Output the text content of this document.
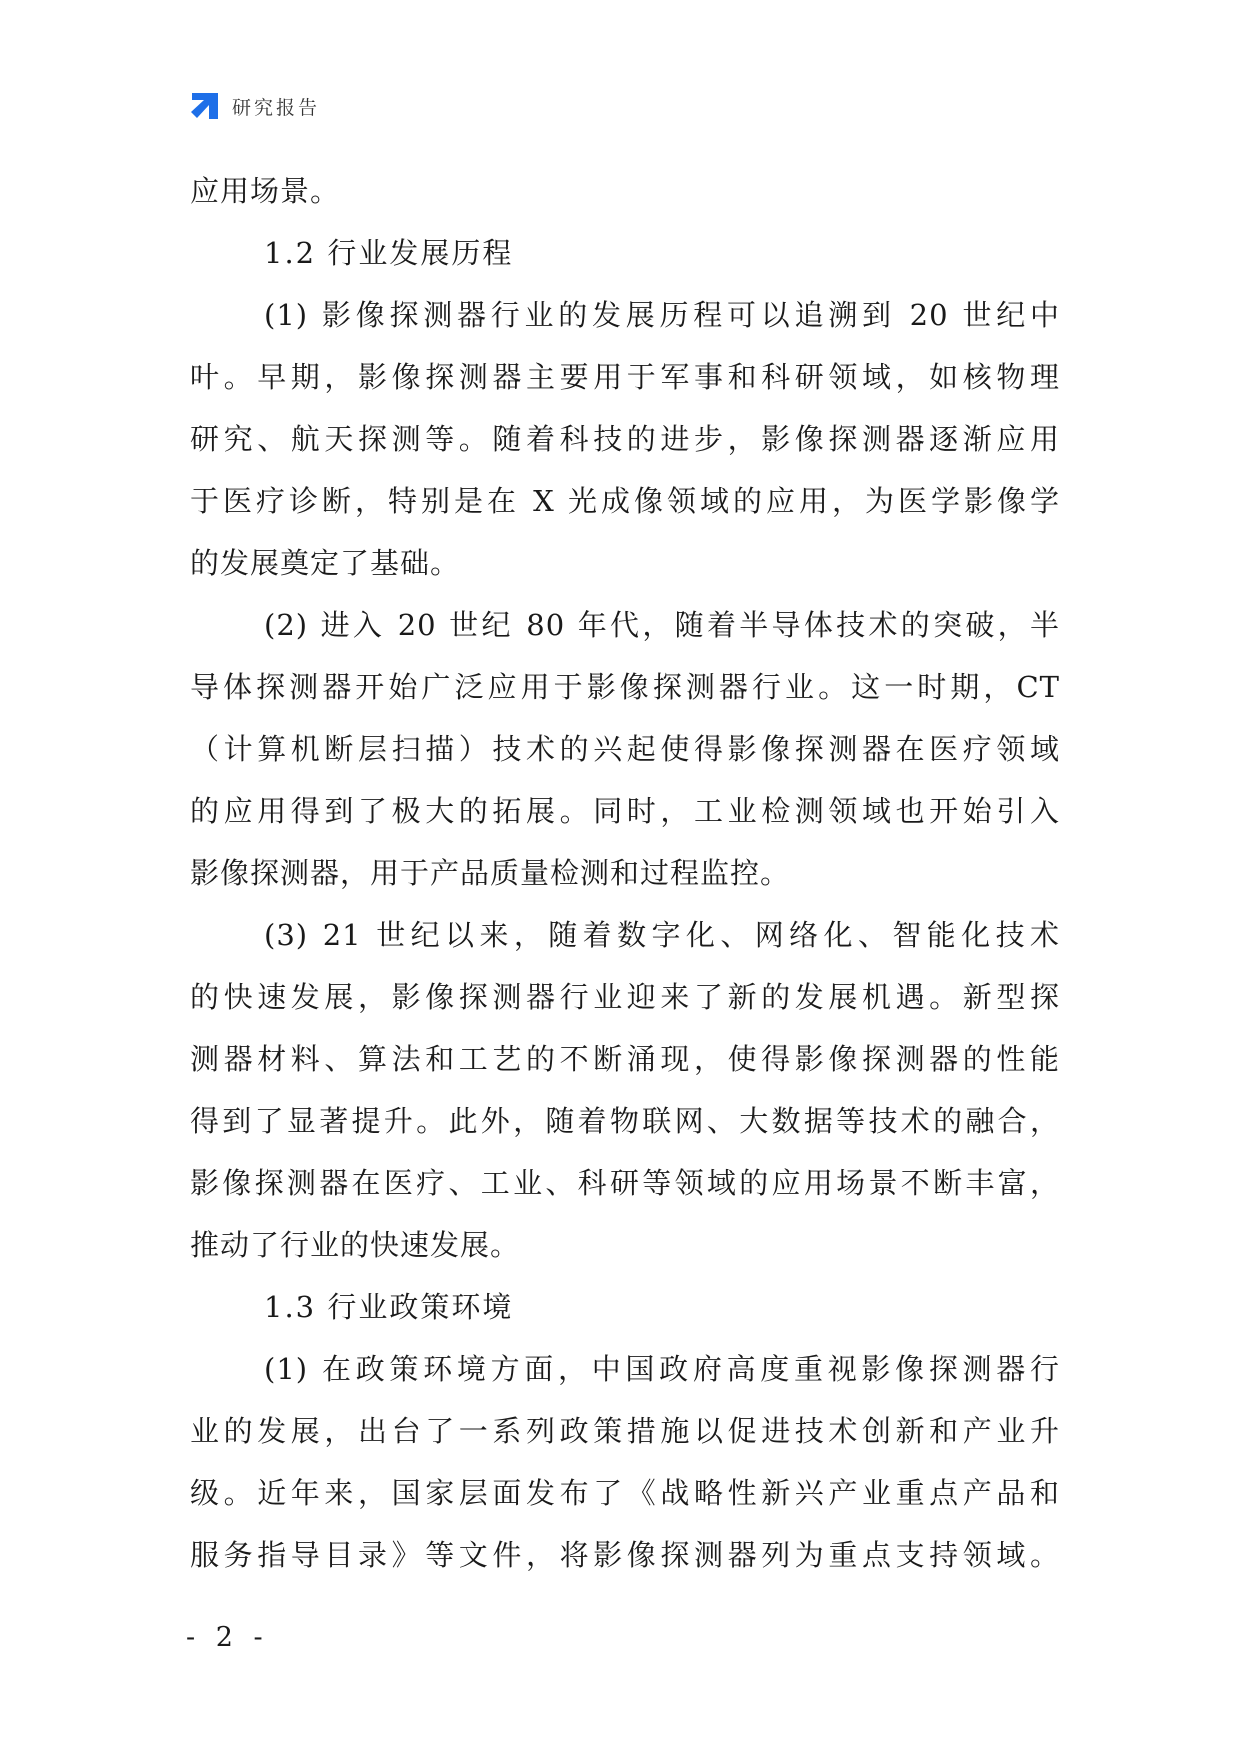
研究报告
应用场景。
1.2 行业发展历程
(1) 影像探测器行业的发展历程可以追溯到 20 世纪中
叶。早期，影像探测器主要用于军事和科研领域，如核物理
研究、航天探测等。随着科技的进步，影像探测器逐渐应用
于医疗诊断，特别是在 X 光成像领域的应用，为医学影像学
的发展奠定了基础。
(2) 进入 20 世纪 80 年代，随着半导体技术的突破，半
导体探测器开始广泛应用于影像探测器行业。这一时期，CT
（计算机断层扫描）技术的兴起使得影像探测器在医疗领域
的应用得到了极大的拓展。同时，工业检测领域也开始引入
影像探测器，用于产品质量检测和过程监控。
(3) 21 世纪以来，随着数字化、网络化、智能化技术
的快速发展，影像探测器行业迎来了新的发展机遇。新型探
测器材料、算法和工艺的不断涌现，使得影像探测器的性能
得到了显著提升。此外，随着物联网、大数据等技术的融合，
影像探测器在医疗、工业、科研等领域的应用场景不断丰富，
推动了行业的快速发展。
1.3 行业政策环境
(1) 在政策环境方面，中国政府高度重视影像探测器行
业的发展，出台了一系列政策措施以促进技术创新和产业升
级。近年来，国家层面发布了《战略性新兴产业重点产品和
服务指导目录》等文件，将影像探测器列为重点支持领域。
- 2 -
